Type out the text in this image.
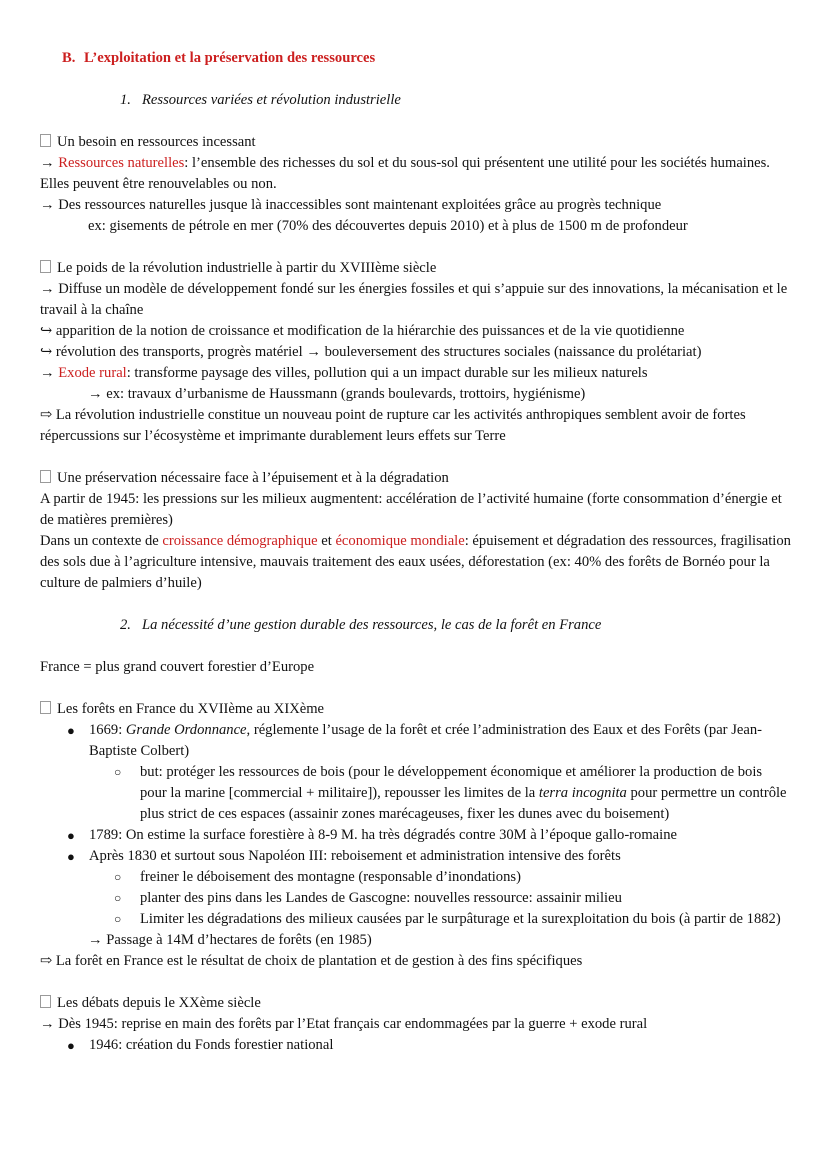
B. L’exploitation et la préservation des ressources
1. Ressources variées et révolution industrielle
Un besoin en ressources incessant
→ Ressources naturelles: l’ensemble des richesses du sol et du sous-sol qui présentent une utilité pour les sociétés humaines. Elles peuvent être renouvelables ou non.
→ Des ressources naturelles jusque là inaccessibles sont maintenant exploitées grâce au progrès technique
ex: gisements de pétrole en mer (70% des découvertes depuis 2010) et à plus de 1500 m de profondeur
Le poids de la révolution industrielle à partir du XVIIIème siècle
→ Diffuse un modèle de développement fondé sur les énergies fossiles et qui s’appuie sur des innovations, la mécanisation et le travail à la chaîne
↪ apparition de la notion de croissance et modification de la hiérarchie des puissances et de la vie quotidienne
↪ révolution des transports, progrès matériel → bouleversement des structures sociales (naissance du prolétariat)
→ Exode rural: transforme paysage des villes, pollution qui a un impact durable sur les milieux naturels
→ ex: travaux d’urbanisme de Haussmann (grands boulevards, trottoirs, hygiénisme)
⇨ La révolution industrielle constitue un nouveau point de rupture car les activités anthropiques semblent avoir de fortes répercussions sur l’écosystème et imprimante durablement leurs effets sur Terre
Une préservation nécessaire face à l’épuisement et à la dégradation
A partir de 1945: les pressions sur les milieux augmentent: accélération de l’activité humaine (forte consommation d’énergie et de matières premières)
Dans un contexte de croissance démographique et économique mondiale: épuisement et dégradation des ressources, fragilisation des sols due à l’agriculture intensive, mauvais traitement des eaux usées, déforestation (ex: 40% des forêts de Bornéo pour la culture de palmiers d’huile)
2. La nécessité d’une gestion durable des ressources, le cas de la forêt en France
France = plus grand couvert forestier d’Europe
Les forêts en France du XVIIème au XIXème
● 1669: Grande Ordonnance, réglemente l’usage de la forêt et crée l’administration des Eaux et des Forêts (par Jean-Baptiste Colbert)
○ but: protéger les ressources de bois (pour le développement économique et améliorer la production de bois pour la marine [commercial + militaire]), repousser les limites de la terra incognita pour permettre un contrôle plus strict de ces espaces (assainir zones marécageuses, fixer les dunes avec du boisement)
● 1789: On estime la surface forestière à 8-9 M. ha très dégradés contre 30M à l’époque gallo-romaine
● Après 1830 et surtout sous Napoléon III: reboisement et administration intensive des forêts
○ freiner le déboisement des montagne (responsable d’inondations)
○ planter des pins dans les Landes de Gascogne: nouvelles ressource: assainir milieu
○ Limiter les dégradations des milieux causées par le surpâturage et la surexploitation du bois (à partir de 1882)
→ Passage à 14M d’hectares de forêts (en 1985)
⇨ La forêt en France est le résultat de choix de plantation et de gestion à des fins spécifiques
Les débats depuis le XXème siècle
→ Dès 1945: reprise en main des forêts par l’Etat français car endommagées par la guerre + exode rural
● 1946: création du Fonds forestier national
